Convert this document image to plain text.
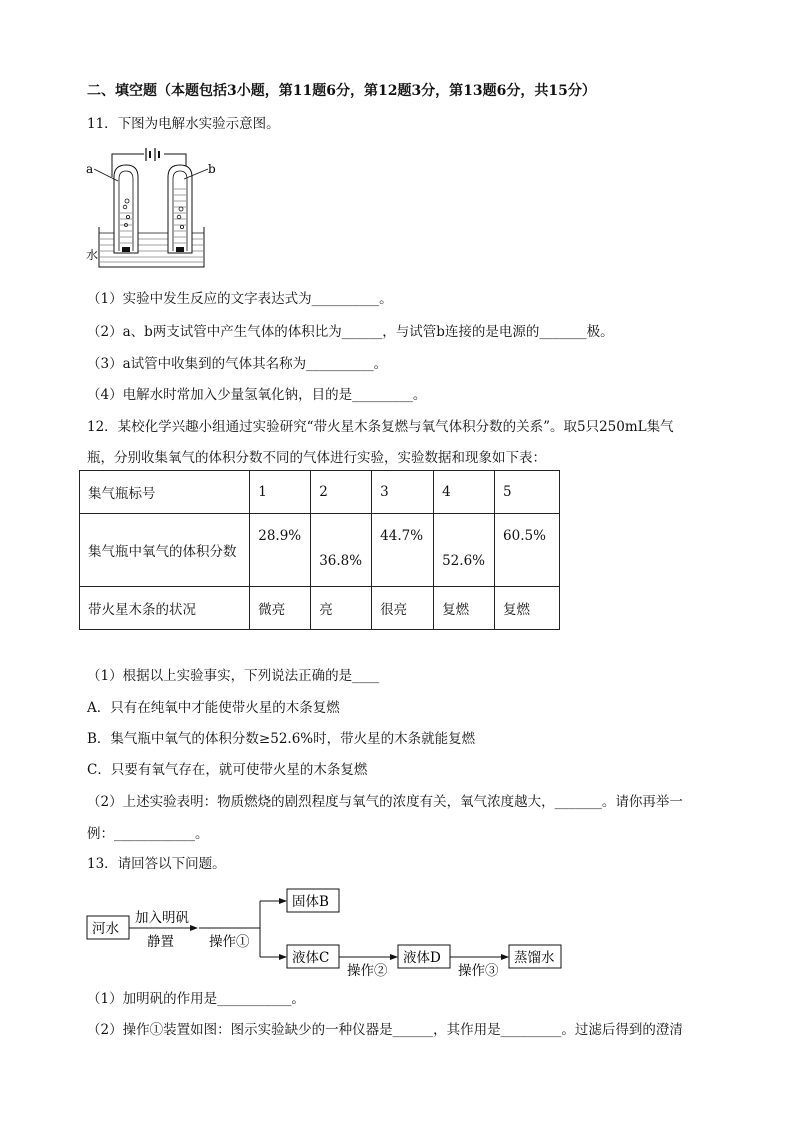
二、填空题（本题包括3小题，第11题6分，第12题3分，第13题6分，共15分）
11．下图为电解水实验示意图。
a	b
水
（1）实验中发生反应的文字表达式为__________。
（2）a、b两支试管中产生气体的体积比为______，与试管b连接的是电源的_______极。
（3）a试管中收集到的气体其名称为__________。
（4）电解水时常加入少量氢氧化钠，目的是_________。
12．某校化学兴趣小组通过实验研究“带火星木条复燃与氧气体积分数的关系”。取5只250mL集气
瓶，分别收集氧气的体积分数不同的气体进行实验，实验数据和现象如下表：
集气瓶标号	1	2	3	4	5
集气瓶中氧气的体积分数	28.9%	36.8%	44.7%	52.6%	60.5%

带火星木条的状况	微亮	亮	很亮	复燃	复燃
（1）根据以上实验事实，下列说法正确的是____
A．只有在纯氧中才能使带火星的木条复燃
B．集气瓶中氧气的体积分数≥52.6%时，带火星的木条就能复燃
C．只要有氧气存在，就可使带火星的木条复燃
（2）上述实验表明：物质燃烧的剧烈程度与氧气的浓度有关，氧气浓度越大，_______。请你再举一
例：____________。
13．请回答以下问题。
河水
加入明矾
静置	操作①
固体B
液体C
操作②
液体D
操作③
蒸馏水
（1）加明矾的作用是___________。
（2）操作①装置如图：图示实验缺少的一种仪器是______，其作用是_________。过滤后得到的澄清
